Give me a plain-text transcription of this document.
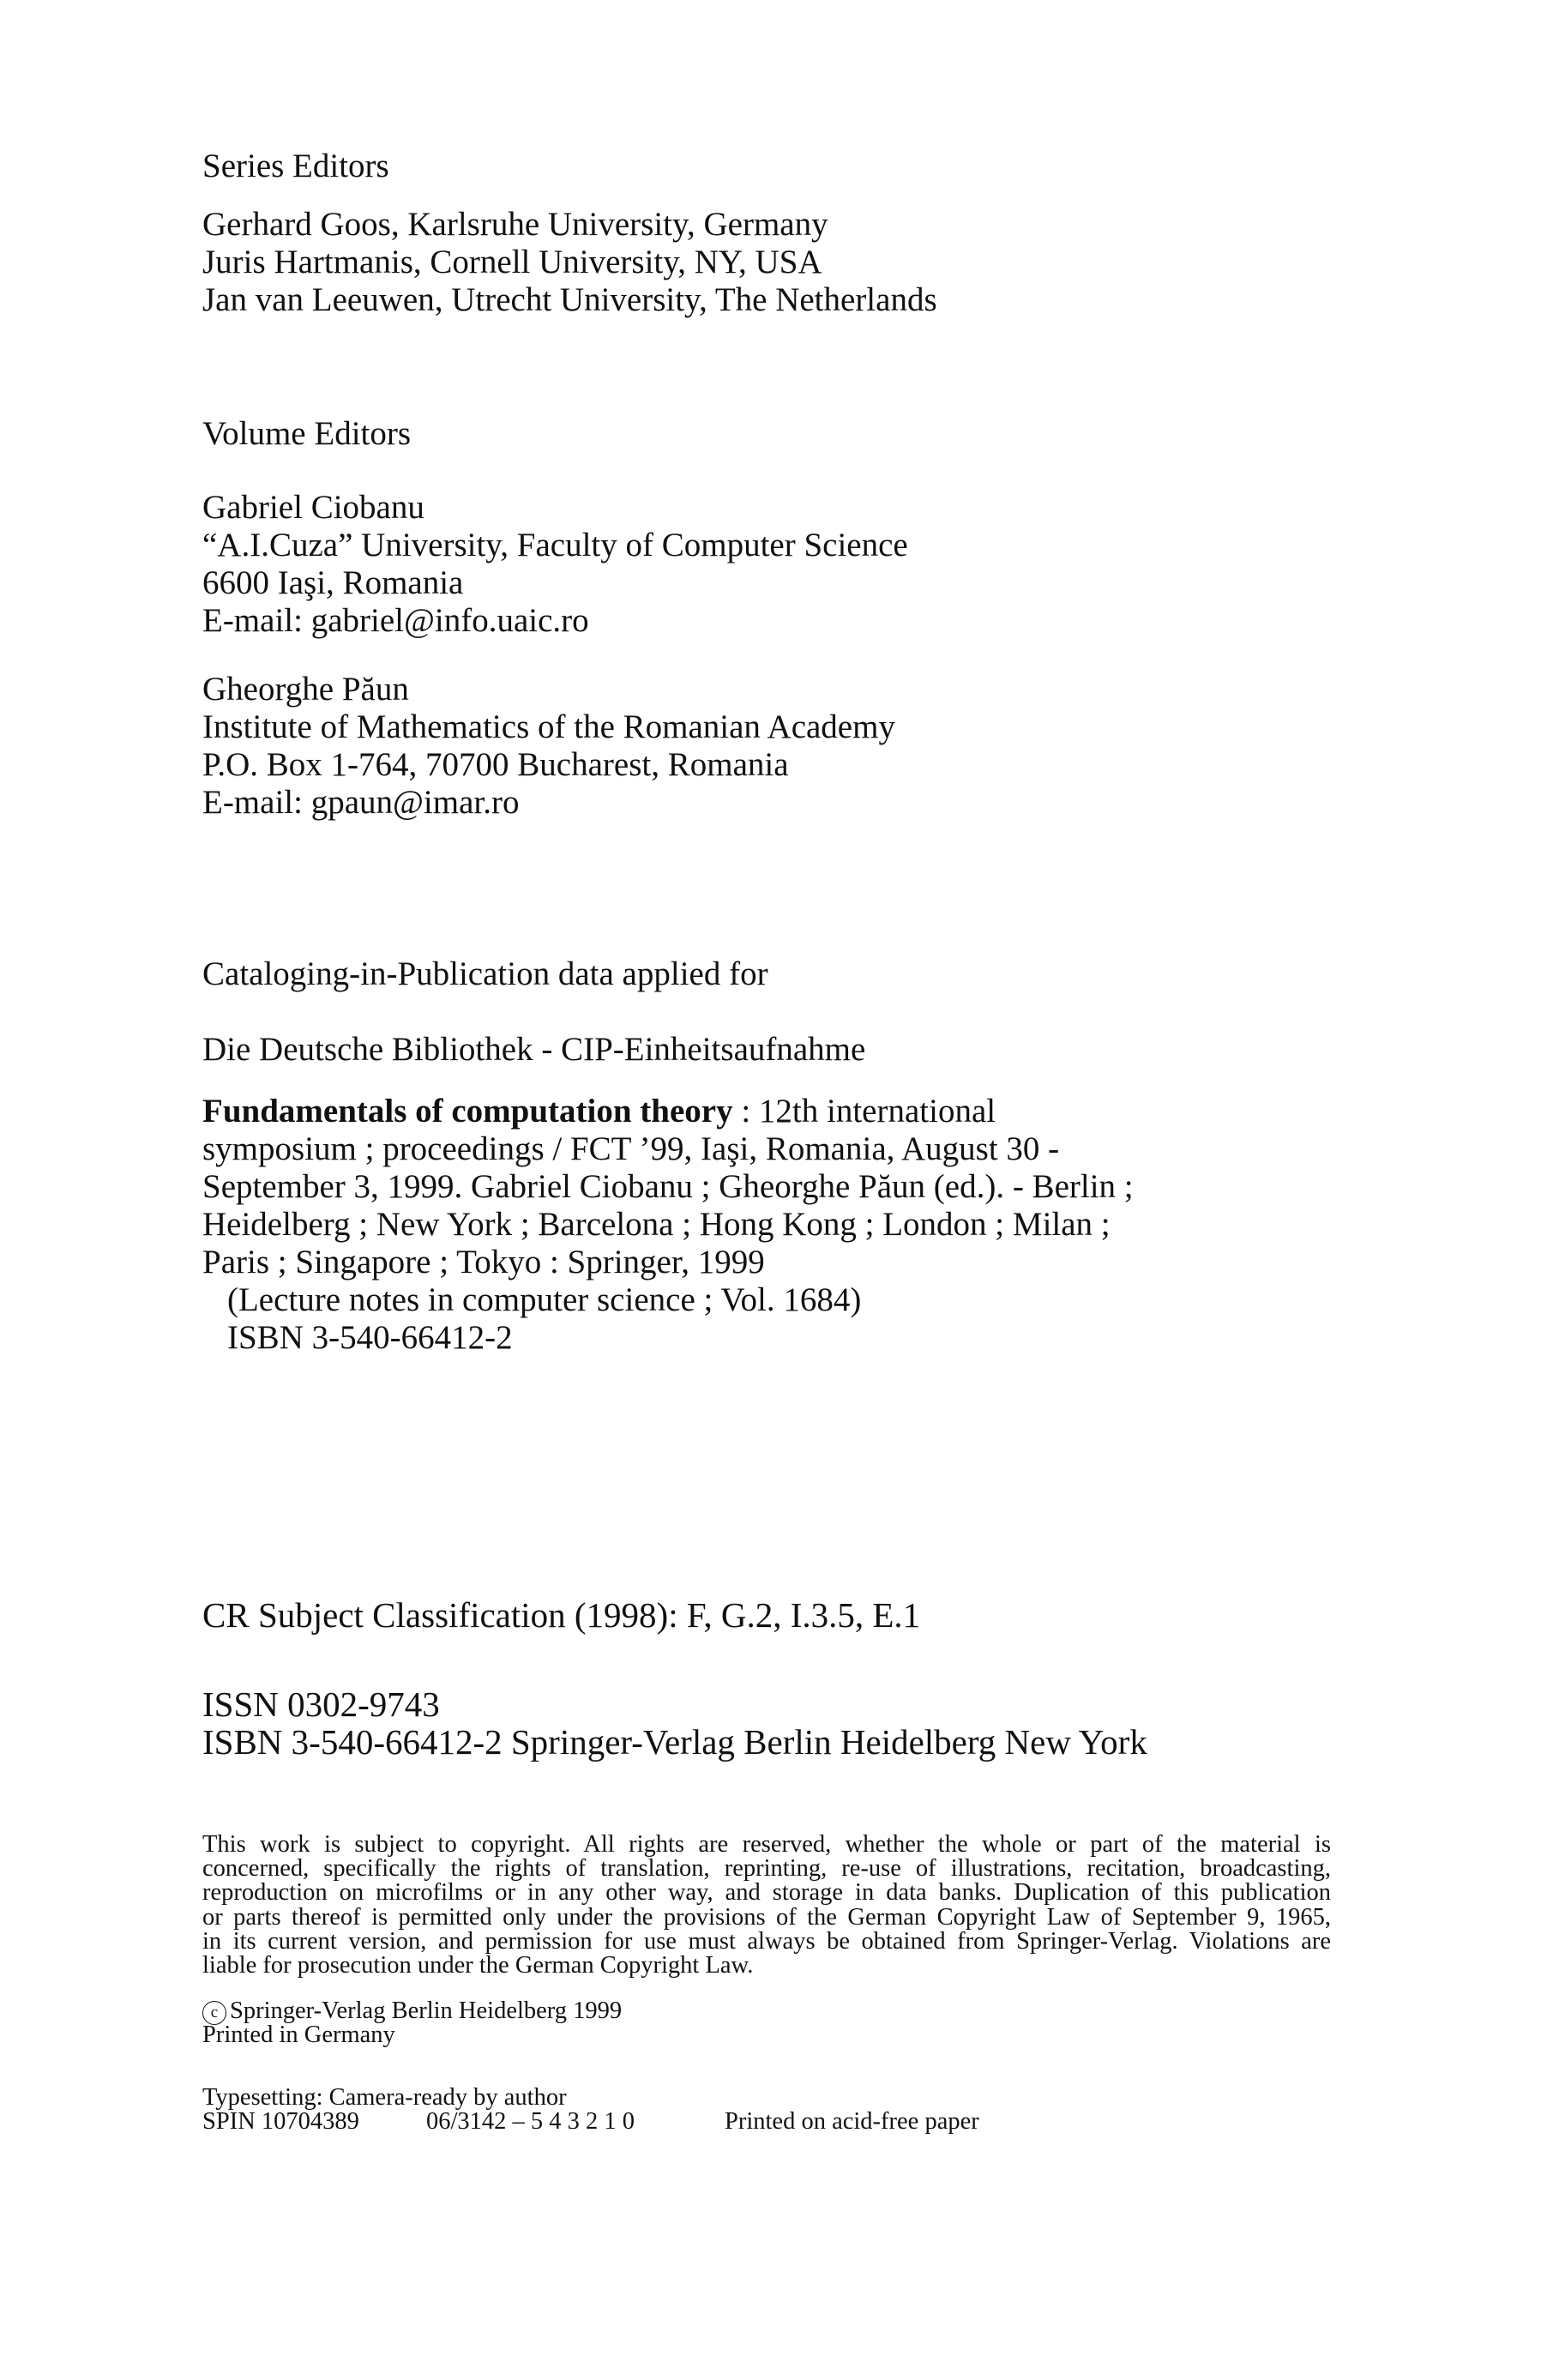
Series Editors
Gerhard Goos, Karlsruhe University, Germany
Juris Hartmanis, Cornell University, NY, USA
Jan van Leeuwen, Utrecht University, The Netherlands
Volume Editors
Gabriel Ciobanu
“A.I.Cuza” University, Faculty of Computer Science
6600 Iaşi, Romania
E-mail: gabriel@info.uaic.ro
Gheorghe Păun
Institute of Mathematics of the Romanian Academy
P.O. Box 1-764, 70700 Bucharest, Romania
E-mail: gpaun@imar.ro
Cataloging-in-Publication data applied for
Die Deutsche Bibliothek - CIP-Einheitsaufnahme
Fundamentals of computation theory : 12th international
symposium ; proceedings / FCT ’99, Iaşi, Romania, August 30 -
September 3, 1999. Gabriel Ciobanu ; Gheorghe Păun (ed.). - Berlin ;
Heidelberg ; New York ; Barcelona ; Hong Kong ; London ; Milan ;
Paris ; Singapore ; Tokyo : Springer, 1999
(Lecture notes in computer science ; Vol. 1684)
ISBN 3-540-66412-2
CR Subject Classification (1998): F, G.2, I.3.5, E.1
ISSN 0302-9743
ISBN 3-540-66412-2 Springer-Verlag Berlin Heidelberg New York
This work is subject to copyright. All rights are reserved, whether the whole or part of the material is
concerned, specifically the rights of translation, reprinting, re-use of illustrations, recitation, broadcasting,
reproduction on microfilms or in any other way, and storage in data banks. Duplication of this publication
or parts thereof is permitted only under the provisions of the German Copyright Law of September 9, 1965,
in its current version, and permission for use must always be obtained from Springer-Verlag. Violations are
liable for prosecution under the German Copyright Law.
c Springer-Verlag Berlin Heidelberg 1999
Printed in Germany
Typesetting: Camera-ready by author
SPIN 10704389	06/3142 – 5 4 3 2 1 0	Printed on acid-free paper
